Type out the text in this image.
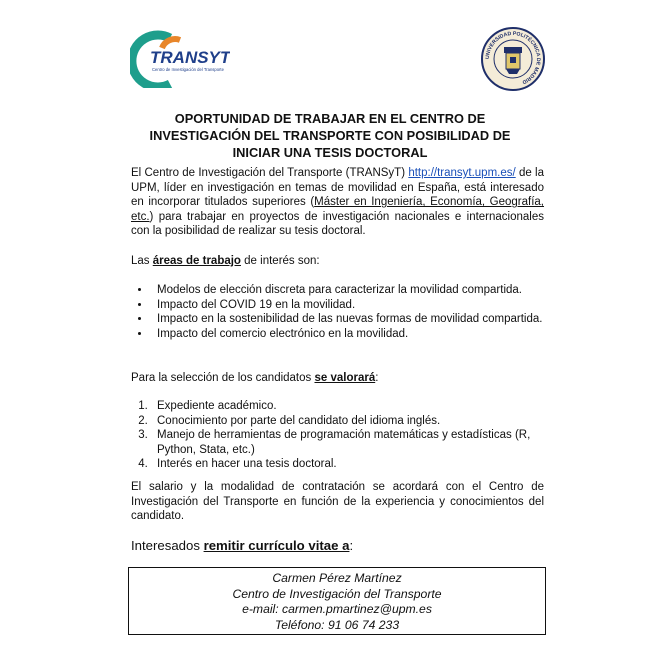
TRANSYT
Centro de Investigación del Transporte
UNIVERSIDAD POLITÉCNICA DE MADRID
OPORTUNIDAD DE TRABAJAR EN EL CENTRO DE
INVESTIGACIÓN DEL TRANSPORTE CON POSIBILIDAD DE
INICIAR UNA TESIS DOCTORAL

El Centro de Investigación del Transporte (TRANSyT) http://transyt.upm.es/ de la UPM, líder en investigación en temas de movilidad en España, está interesado en incorporar titulados superiores (Máster en Ingeniería, Economía, Geografía, etc.) para trabajar en proyectos de investigación nacionales e internacionales con la posibilidad de realizar su tesis doctoral.

Las áreas de trabajo de interés son:

• Modelos de elección discreta para caracterizar la movilidad compartida.
• Impacto del COVID 19 en la movilidad.
• Impacto en la sostenibilidad de las nuevas formas de movilidad compartida.
• Impacto del comercio electrónico en la movilidad.

Para la selección de los candidatos se valorará:

1. Expediente académico.
2. Conocimiento por parte del candidato del idioma inglés.
3. Manejo de herramientas de programación matemáticas y estadísticas (R, Python, Stata, etc.)
4. Interés en hacer una tesis doctoral.

El salario y la modalidad de contratación se acordará con el Centro de Investigación del Transporte en función de la experiencia y conocimientos del candidato.

Interesados remitir currículo vitae a:
Carmen Pérez Martínez
Centro de Investigación del Transporte
e-mail: carmen.pmartinez@upm.es
Teléfono: 91 06 74 233
